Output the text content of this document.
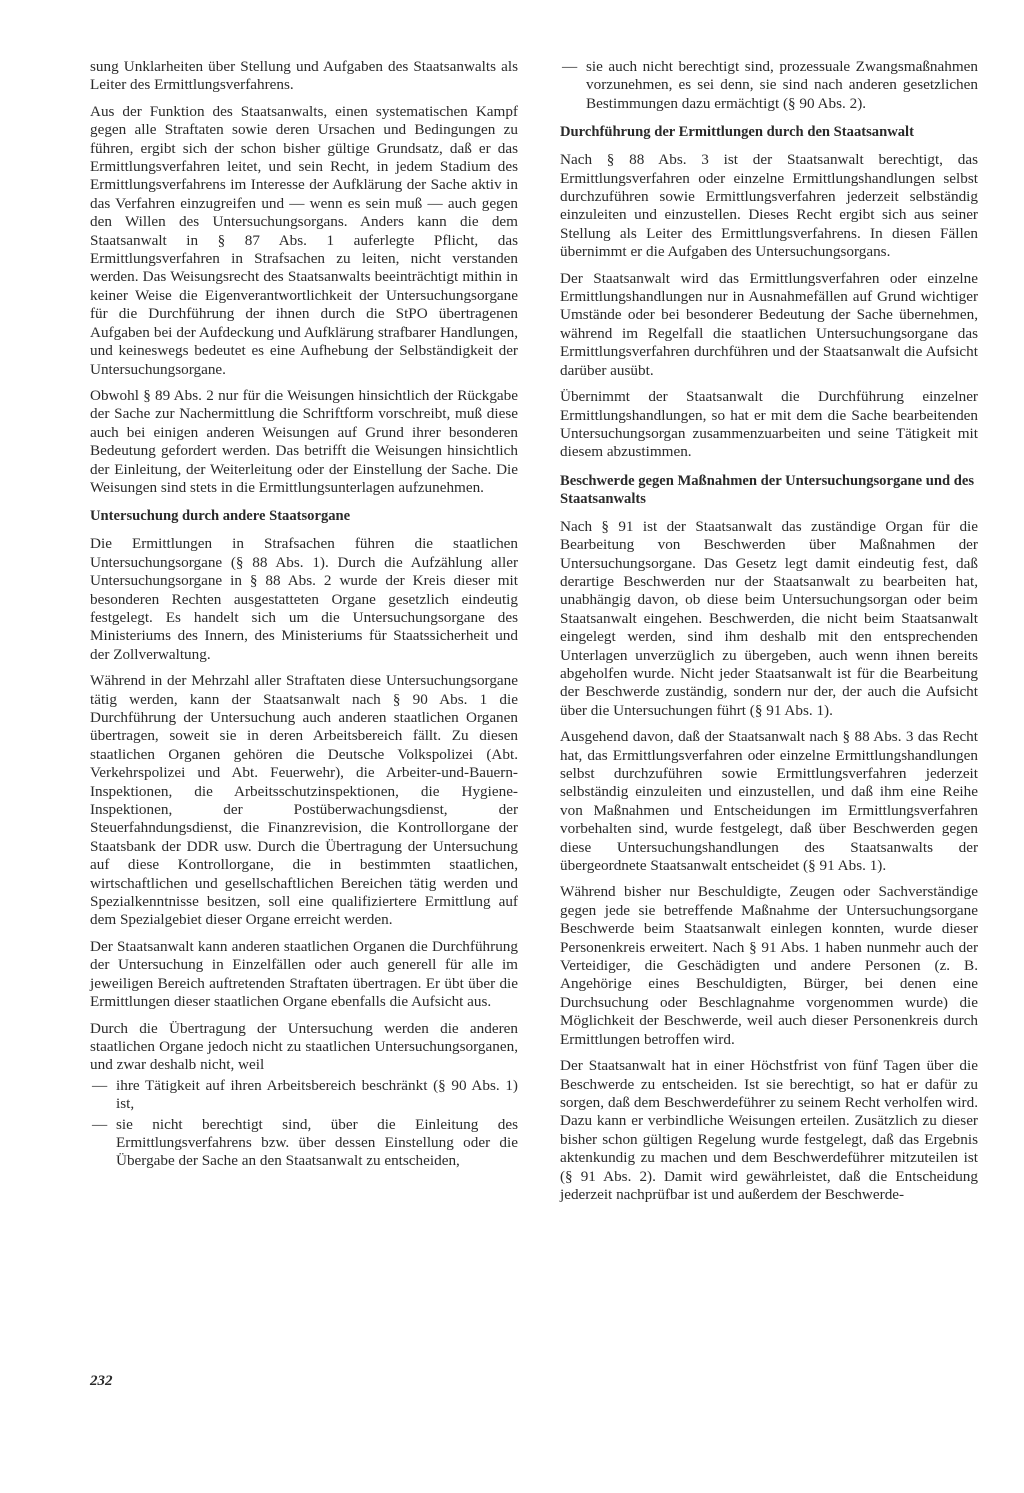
sung Unklarheiten über Stellung und Aufgaben des Staatsanwalts als Leiter des Ermittlungsverfahrens.

Aus der Funktion des Staatsanwalts, einen systematischen Kampf gegen alle Straftaten sowie deren Ursachen und Bedingungen zu führen, ergibt sich der schon bisher gültige Grundsatz, daß er das Ermittlungsverfahren leitet, und sein Recht, in jedem Stadium des Ermittlungsverfahrens im Interesse der Aufklärung der Sache aktiv in das Verfahren einzugreifen und — wenn es sein muß — auch gegen den Willen des Untersuchungsorgans. Anders kann die dem Staatsanwalt in § 87 Abs. 1 auferlegte Pflicht, das Ermittlungsverfahren in Strafsachen zu leiten, nicht verstanden werden. Das Weisungsrecht des Staatsanwalts beeinträchtigt mithin in keiner Weise die Eigenverantwortlichkeit der Untersuchungsorgane für die Durchführung der ihnen durch die StPO übertragenen Aufgaben bei der Aufdeckung und Aufklärung strafbarer Handlungen, und keineswegs bedeutet es eine Aufhebung der Selbständigkeit der Untersuchungsorgane.

Obwohl § 89 Abs. 2 nur für die Weisungen hinsichtlich der Rückgabe der Sache zur Nachermittlung die Schriftform vorschreibt, muß diese auch bei einigen anderen Weisungen auf Grund ihrer besonderen Bedeutung gefordert werden. Das betrifft die Weisungen hinsichtlich der Einleitung, der Weiterleitung oder der Einstellung der Sache. Die Weisungen sind stets in die Ermittlungsunterlagen aufzunehmen.

Untersuchung durch andere Staatsorgane

Die Ermittlungen in Strafsachen führen die staatlichen Untersuchungsorgane (§ 88 Abs. 1). Durch die Aufzählung aller Untersuchungsorgane in § 88 Abs. 2 wurde der Kreis dieser mit besonderen Rechten ausgestatteten Organe gesetzlich eindeutig festgelegt. Es handelt sich um die Untersuchungsorgane des Ministeriums des Innern, des Ministeriums für Staatssicherheit und der Zollverwaltung.

Während in der Mehrzahl aller Straftaten diese Untersuchungsorgane tätig werden, kann der Staatsanwalt nach § 90 Abs. 1 die Durchführung der Untersuchung auch anderen staatlichen Organen übertragen, soweit sie in deren Arbeitsbereich fällt. Zu diesen staatlichen Organen gehören die Deutsche Volkspolizei (Abt. Verkehrspolizei und Abt. Feuerwehr), die Arbeiter-und-Bauern-Inspektionen, die Arbeitsschutzinspektionen, die Hygiene-Inspektionen, der Postüberwachungsdienst, der Steuerfahndungsdienst, die Finanzrevision, die Kontrollorgane der Staatsbank der DDR usw. Durch die Übertragung der Untersuchung auf diese Kontrollorgane, die in bestimmten staatlichen, wirtschaftlichen und gesellschaftlichen Bereichen tätig werden und Spezialkenntnisse besitzen, soll eine qualifiziertere Ermittlung auf dem Spezialgebiet dieser Organe erreicht werden.

Der Staatsanwalt kann anderen staatlichen Organen die Durchführung der Untersuchung in Einzelfällen oder auch generell für alle im jeweiligen Bereich auftretenden Straftaten übertragen. Er übt über die Ermittlungen dieser staatlichen Organe ebenfalls die Aufsicht aus.

Durch die Übertragung der Untersuchung werden die anderen staatlichen Organe jedoch nicht zu staatlichen Untersuchungsorganen, und zwar deshalb nicht, weil

— ihre Tätigkeit auf ihren Arbeitsbereich beschränkt (§ 90 Abs. 1) ist,
— sie nicht berechtigt sind, über die Einleitung des Ermittlungsverfahrens bzw. über dessen Einstellung oder die Übergabe der Sache an den Staatsanwalt zu entscheiden,
— sie auch nicht berechtigt sind, prozessuale Zwangsmaßnahmen vorzunehmen, es sei denn, sie sind nach anderen gesetzlichen Bestimmungen dazu ermächtigt (§ 90 Abs. 2).
Durchführung der Ermittlungen durch den Staatsanwalt

Nach § 88 Abs. 3 ist der Staatsanwalt berechtigt, das Ermittlungsverfahren oder einzelne Ermittlungshandlungen selbst durchzuführen sowie Ermittlungsverfahren jederzeit selbständig einzuleiten und einzustellen. Dieses Recht ergibt sich aus seiner Stellung als Leiter des Ermittlungsverfahrens. In diesen Fällen übernimmt er die Aufgaben des Untersuchungsorgans.

Der Staatsanwalt wird das Ermittlungsverfahren oder einzelne Ermittlungshandlungen nur in Ausnahmefällen auf Grund wichtiger Umstände oder bei besonderer Bedeutung der Sache übernehmen, während im Regelfall die staatlichen Untersuchungsorgane das Ermittlungsverfahren durchführen und der Staatsanwalt die Aufsicht darüber ausübt.

Übernimmt der Staatsanwalt die Durchführung einzelner Ermittlungshandlungen, so hat er mit dem die Sache bearbeitenden Untersuchungsorgan zusammenzuarbeiten und seine Tätigkeit mit diesem abzustimmen.

Beschwerde gegen Maßnahmen der Untersuchungsorgane und des Staatsanwalts

Nach § 91 ist der Staatsanwalt das zuständige Organ für die Bearbeitung von Beschwerden über Maßnahmen der Untersuchungsorgane. Das Gesetz legt damit eindeutig fest, daß derartige Beschwerden nur der Staatsanwalt zu bearbeiten hat, unabhängig davon, ob diese beim Untersuchungsorgan oder beim Staatsanwalt eingehen. Beschwerden, die nicht beim Staatsanwalt eingelegt werden, sind ihm deshalb mit den entsprechenden Unterlagen unverzüglich zu übergeben, auch wenn ihnen bereits abgeholfen wurde. Nicht jeder Staatsanwalt ist für die Bearbeitung der Beschwerde zuständig, sondern nur der, der auch die Aufsicht über die Untersuchungen führt (§ 91 Abs. 1).

Ausgehend davon, daß der Staatsanwalt nach § 88 Abs. 3 das Recht hat, das Ermittlungsverfahren oder einzelne Ermittlungshandlungen selbst durchzuführen sowie Ermittlungsverfahren jederzeit selbständig einzuleiten und einzustellen, und daß ihm eine Reihe von Maßnahmen und Entscheidungen im Ermittlungsverfahren vorbehalten sind, wurde festgelegt, daß über Beschwerden gegen diese Untersuchungshandlungen des Staatsanwalts der übergeordnete Staatsanwalt entscheidet (§ 91 Abs. 1).

Während bisher nur Beschuldigte, Zeugen oder Sachverständige gegen jede sie betreffende Maßnahme der Untersuchungsorgane Beschwerde beim Staatsanwalt einlegen konnten, wurde dieser Personenkreis erweitert. Nach § 91 Abs. 1 haben nunmehr auch der Verteidiger, die Geschädigten und andere Personen (z. B. Angehörige eines Beschuldigten, Bürger, bei denen eine Durchsuchung oder Beschlagnahme vorgenommen wurde) die Möglichkeit der Beschwerde, weil auch dieser Personenkreis durch Ermittlungen betroffen wird.

Der Staatsanwalt hat in einer Höchstfrist von fünf Tagen über die Beschwerde zu entscheiden. Ist sie berechtigt, so hat er dafür zu sorgen, daß dem Beschwerdeführer zu seinem Recht verholfen wird. Dazu kann er verbindliche Weisungen erteilen. Zusätzlich zu dieser bisher schon gültigen Regelung wurde festgelegt, daß das Ergebnis aktenkundig zu machen und dem Beschwerdeführer mitzuteilen ist (§ 91 Abs. 2). Damit wird gewährleistet, daß die Entscheidung jederzeit nachprüfbar ist und außerdem der Beschwerde-

232
